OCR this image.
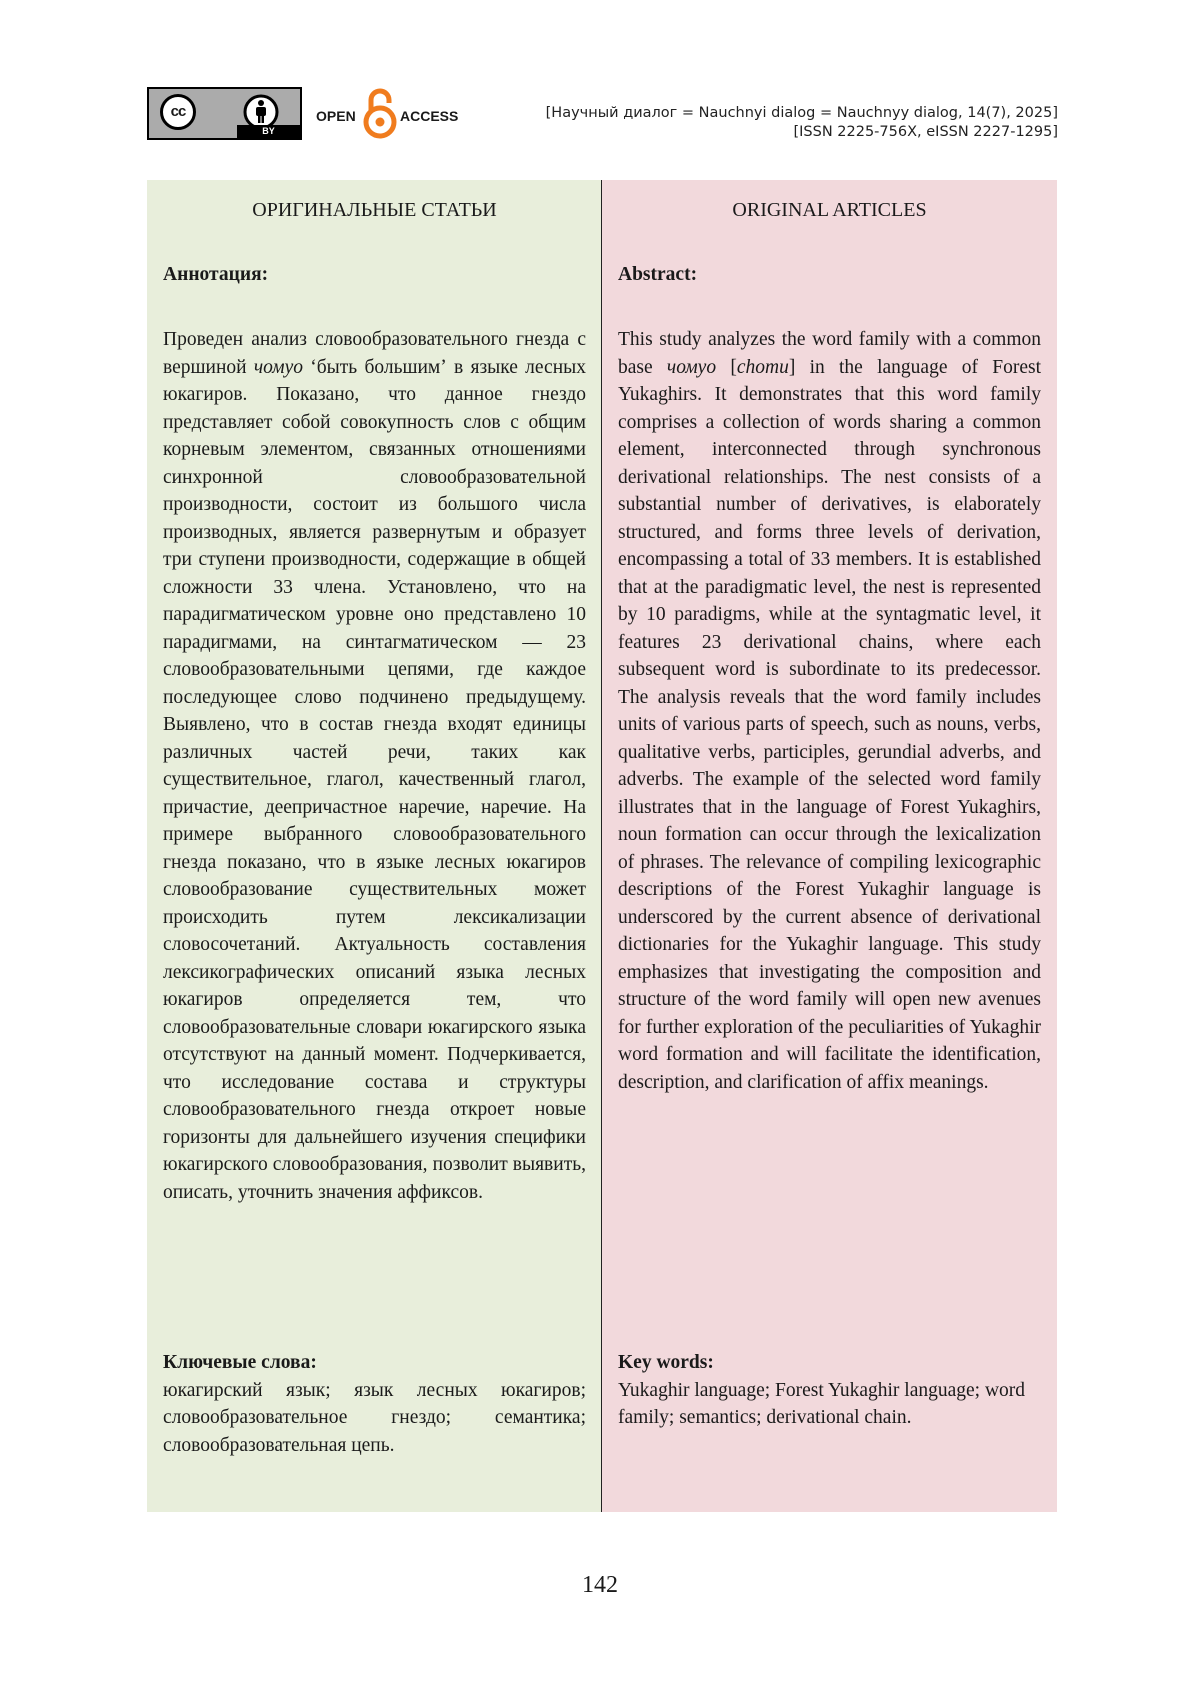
cc
BY
OPEN	ACCESS	[Научный диалог = Nauchnyi dialog = Nauchnyy dialog, 14(7), 2025]
[ISSN 2225-756X, eISSN 2227-1295]
ОРИГИНАЛЬНЫЕ СТАТЬИ
Аннотация:
Проведен анализ словообразовательного гнезда с вершиной чомуо ʻбыть большимʼ в языке лесных юкагиров. Показано, что данное гнездо представляет собой совокупность слов с общим корневым элементом, связанных отношениями синхронной словообразовательной производности, состоит из большого числа производных, является развернутым и образует три ступени производности, содержащие в общей сложности 33 члена. Установлено, что на парадигматическом уровне оно представлено 10 парадигмами, на синтагматическом — 23 словообразовательными цепями, где каждое последующее слово подчинено предыдущему. Выявлено, что в состав гнезда входят единицы различных частей речи, таких как существительное, глагол, качественный глагол, причастие, деепричастное наречие, наречие. На примере выбранного словообразовательного гнезда показано, что в языке лесных юкагиров словообразование существительных может происходить путем лексикализации словосочетаний. Актуальность составления лексикографических описаний языка лесных юкагиров определяется тем, что словообразовательные словари юкагирского языка отсутствуют на данный момент. Подчеркивается, что исследование состава и структуры словообразовательного гнезда откроет новые горизонты для дальнейшего изучения специфики юкагирского словообразования, позволит выявить, описать, уточнить значения аффиксов.
Ключевые слова:
юкагирский язык; язык лесных юкагиров; словообразовательное гнездо; семантика; словообразовательная цепь.
ORIGINAL ARTICLES
Abstract:
This study analyzes the word family with a common base чомуо [chomu] in the language of Forest Yukaghirs. It demonstrates that this word family comprises a collection of words sharing a common element, interconnected through synchronous derivational relationships. The nest consists of a substantial number of derivatives, is elaborately structured, and forms three levels of derivation, encompassing a total of 33 members. It is established that at the paradigmatic level, the nest is represented by 10 paradigms, while at the syntagmatic level, it features 23 derivational chains, where each subsequent word is subordinate to its predecessor. The analysis reveals that the word family includes units of various parts of speech, such as nouns, verbs, qualitative verbs, participles, gerundial adverbs, and adverbs. The example of the selected word family illustrates that in the language of Forest Yukaghirs, noun formation can occur through the lexicalization of phrases. The relevance of compiling lexicographic descriptions of the Forest Yukaghir language is underscored by the current absence of derivational dictionaries for the Yukaghir language. This study emphasizes that investigating the composition and structure of the word family will open new avenues for further exploration of the peculiarities of Yukaghir word formation and will facilitate the identification, description, and clarification of affix meanings.
Key words:
Yukaghir language; Forest Yukaghir language; word family; semantics; derivational chain.
142
